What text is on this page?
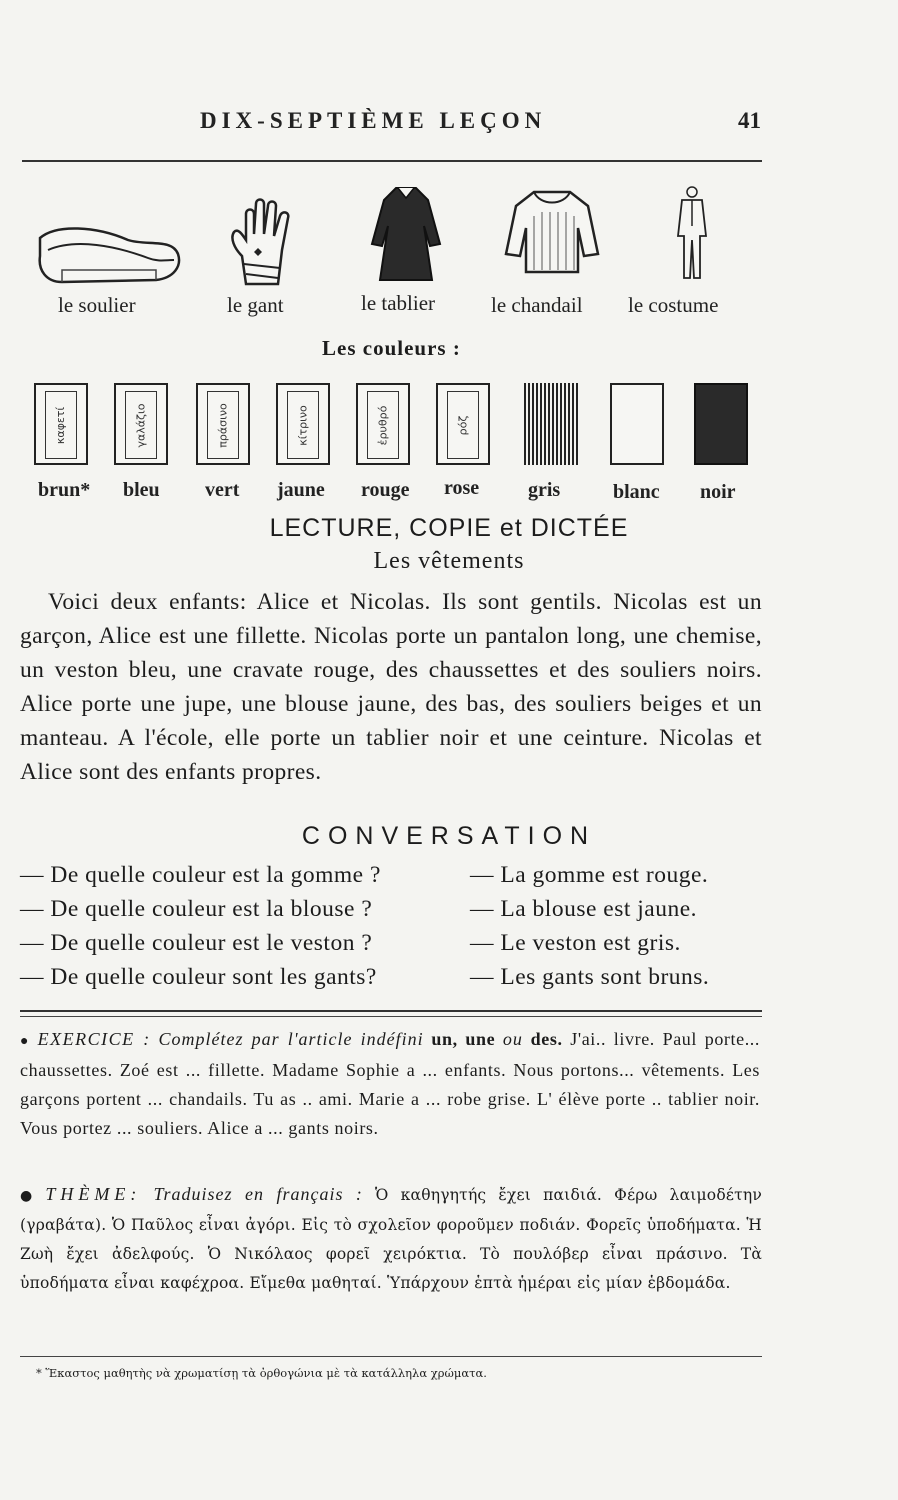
DIX-SEPTIÈME LEÇON	41
le soulier	le gant	le tablier	le chandail le costume
Les couleurs :
καφετί	γαλάζιο	πράσινο	κίτρινο	ἐρυθρό	ρόζ
brun* bleu vert jaune rouge rose gris	blanc noir
LECTURE, COPIE et DICTÉE
Les vêtements
Voici deux enfants: Alice et Nicolas. Ils sont gentils. Nicolas est un garçon, Alice est une fillette. Nicolas porte un pantalon long, une chemise, un veston bleu, une cravate rouge, des chaussettes et des souliers noirs. Alice porte une jupe, une blouse jaune, des bas, des souliers beiges et un manteau. A l'école, elle porte un tablier noir et une ceinture. Nicolas et Alice sont des enfants propres.
CONVERSATION
— De quelle couleur est la gomme ?	— La gomme est rouge.
— De quelle couleur est la blouse ?	— La blouse est jaune.
— De quelle couleur est le veston ?	— Le veston est gris.
— De quelle couleur sont les gants?	— Les gants sont bruns.
● EXERCICE : Complétez par l'article indéfini un, une ou des. J'ai.. livre. Paul porte... chaussettes. Zoé est ... fillette. Madame Sophie a ... enfants. Nous portons... vêtements. Les garçons portent ... chandails. Tu as .. ami. Marie a ... robe grise. L' élève porte .. tablier noir. Vous portez ... souliers. Alice a ... gants noirs.
● THÈME: Traduisez en français : Ὁ καθηγητής ἔχει παιδιά. Φέρω λαιμοδέτην (γραβάτα). Ὁ Παῦλος εἶναι ἀγόρι. Εἰς τὸ σχολεῖον φοροῦμεν ποδιάν. Φορεῖς ὑποδήματα. Ἡ Ζωὴ ἔχει ἀδελφούς. Ὁ Νικόλαος φορεῖ χειρόκτια. Τὸ πουλόβερ εἶναι πράσινο. Τὰ ὑποδήματα εἶναι καφέχροα. Εἴμεθα μαθηταί. Ὑπάρχουν ἑπτὰ ἡμέραι εἰς μίαν ἑβδομάδα.
* Ἕκαστος μαθητὴς νὰ χρωματίσῃ τὰ ὀρθογώνια μὲ τὰ κατάλληλα χρώματα.
